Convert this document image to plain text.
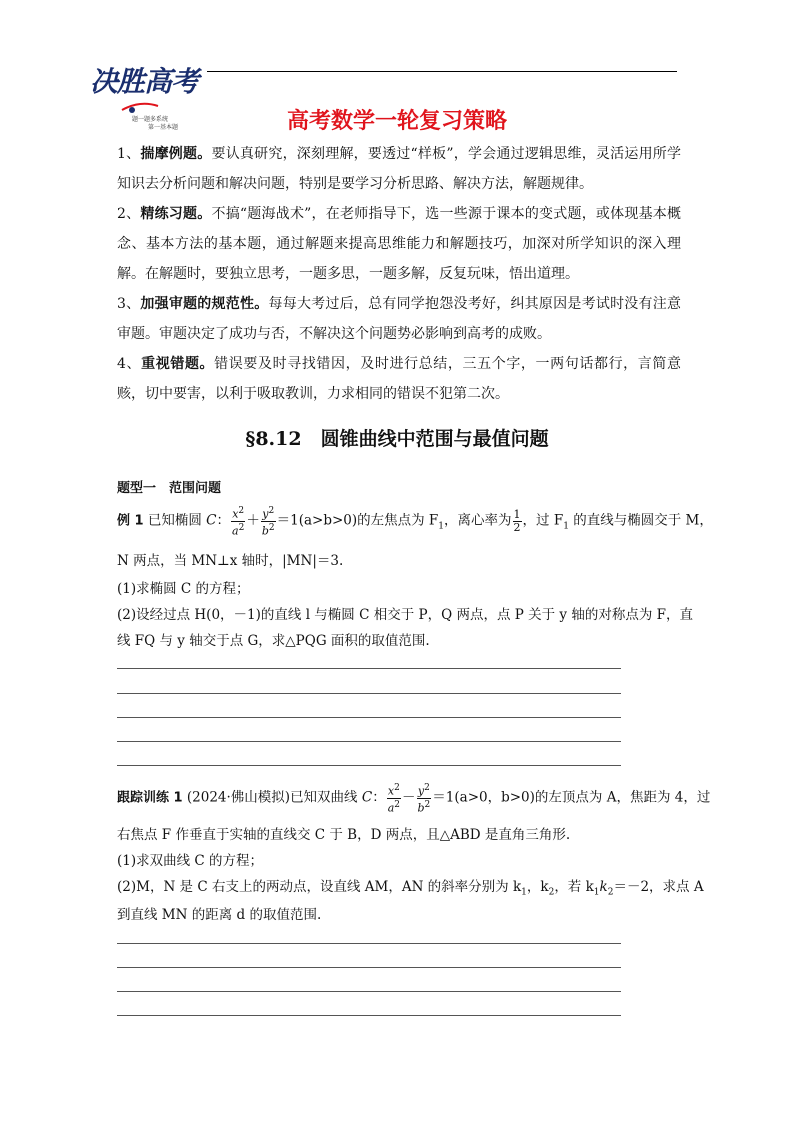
决胜高考
题一题多系统
第一基本题	高考数学一轮复习策略
1、揣摩例题。要认真研究，深刻理解，要透过“样板”，学会通过逻辑思维，灵活运用所学知识去分析问题和解决问题，特别是要学习分析思路、解决方法，解题规律。
2、精练习题。不搞“题海战术”，在老师指导下，选一些源于课本的变式题，或体现基本概念、基本方法的基本题，通过解题来提高思维能力和解题技巧，加深对所学知识的深入理解。在解题时，要独立思考，一题多思，一题多解，反复玩味，悟出道理。
3、加强审题的规范性。每每大考过后，总有同学抱怨没考好，纠其原因是考试时没有注意审题。审题决定了成功与否，不解决这个问题势必影响到高考的成败。
4、重视错题。错误要及时寻找错因，及时进行总结，三五个字，一两句话都行，言简意赅，切中要害，以利于吸取教训，力求相同的错误不犯第二次。
§8.12　圆锥曲线中范围与最值问题
题型一　范围问题
例 1 已知椭圆 C： $\frac{x^2}{a^2} + \frac{y^2}{b^2} =1(a>b>0)$的左焦点为 $F_1$，离心率为 $\frac{1}{2}$ ，过 $F_1$ 的直线与椭圆交于 M，
N 两点，当 MN⊥x 轴时，|MN|＝3.
(1)求椭圆 C 的方程；
(2)设经过点 H(0，－1)的直线 l 与椭圆 C 相交于 P，Q 两点，点 P 关于 y 轴的对称点为 F，直
线 FQ 与 y 轴交于点 G，求△PQG 面积的取值范围.
跟踪训练 1 (2024·佛山模拟)已知双曲线 C： $\frac{x^2}{a^2} - \frac{y^2}{b^2} =1(a>0$，b>0)的左顶点为 A，焦距为 4，过
右焦点 F 作垂直于实轴的直线交 C 于 B，D 两点，且△ABD 是直角三角形.
(1)求双曲线 C 的方程；
(2)M，N 是 C 右支上的两动点，设直线 AM，AN 的斜率分别为 $k_1$，$k_2$，若 $k_1k_2=-2$，求点 A
到直线 MN 的距离 d 的取值范围.
